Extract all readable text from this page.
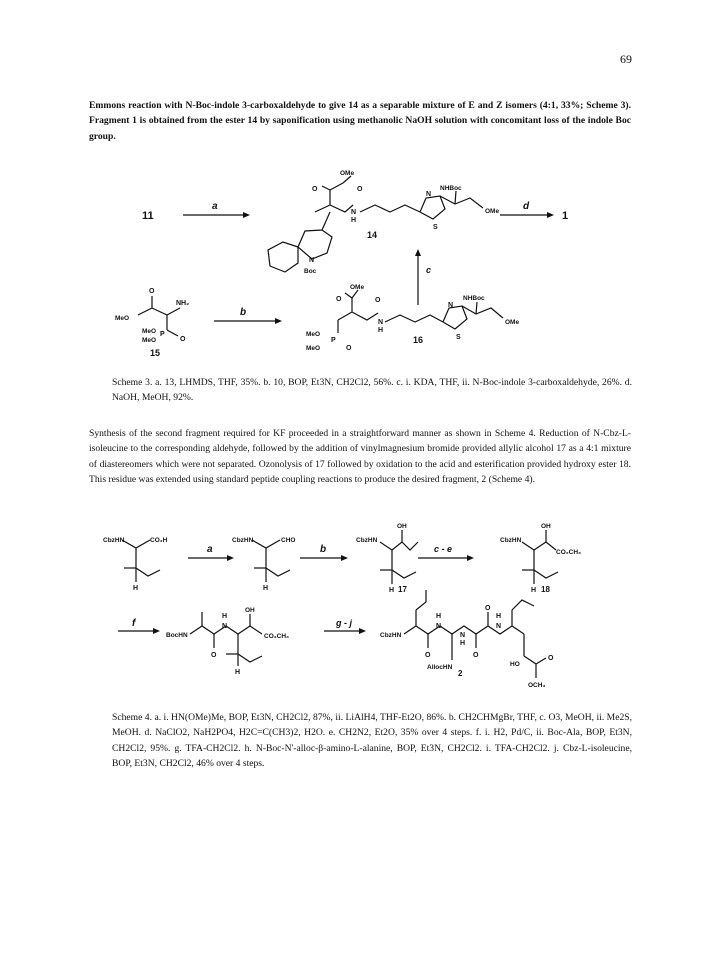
69
Emmons reaction with N-Boc-indole 3-carboxaldehyde to give 14 as a separable mixture of E and Z isomers (4:1, 33%; Scheme 3). Fragment 1 is obtained from the ester 14 by saponification using methanolic NaOH solution with concomitant loss of the indole Boc group.
11
a	d
1
c
b
OMe
O	O
N
H
N
S
NHBoc
OMe
N
Boc
14
O
NH₂
MeO
MeO P
MeO	O
15
OMe
O	O
N
H
MeO
P
MeO	O
N
S
NHBoc
OMe
16
Scheme 3. a. 13, LHMDS, THF, 35%. b. 10, BOP, Et3N, CH2Cl2, 56%. c. i. KDA, THF, ii. N-Boc-indole 3-carboxaldehyde, 26%. d. NaOH, MeOH, 92%.
Synthesis of the second fragment required for KF proceeded in a straightforward manner as shown in Scheme 4. Reduction of N-Cbz-L-isoleucine to the corresponding aldehyde, followed by the addition of vinylmagnesium bromide provided allylic alcohol 17 as a 4:1 mixture of diastereomers which were not separated. Ozonolysis of 17 followed by oxidation to the acid and esterification provided hydroxy ester 18. This residue was extended using standard peptide coupling reactions to produce the desired fragment, 2 (Scheme 4).
a	b	c - e
f	g - j
CbzHN	CO₂H
H
CbzHN	CHO
H
OH
CbzHN
H 17
OH
CbzHN
CO₂CH₃
H 18
BocHN
O
H
N
OH
CO₂CH₃
H
CbzHN
O
H
N
AllocHN
N
H
O
O
H
N
HO
O
OCH₃
2
Scheme 4. a. i. HN(OMe)Me, BOP, Et3N, CH2Cl2, 87%, ii. LiAlH4, THF-Et2O, 86%. b. CH2CHMgBr, THF, c. O3, MeOH, ii. Me2S, MeOH. d. NaClO2, NaH2PO4, H2C=C(CH3)2, H2O. e. CH2N2, Et2O, 35% over 4 steps. f. i. H2, Pd/C, ii. Boc-Ala, BOP, Et3N, CH2Cl2, 95%. g. TFA-CH2Cl2. h. N-Boc-N'-alloc-β-amino-L-alanine, BOP, Et3N, CH2Cl2. i. TFA-CH2Cl2. j. Cbz-L-isoleucine, BOP, Et3N, CH2Cl2, 46% over 4 steps.
